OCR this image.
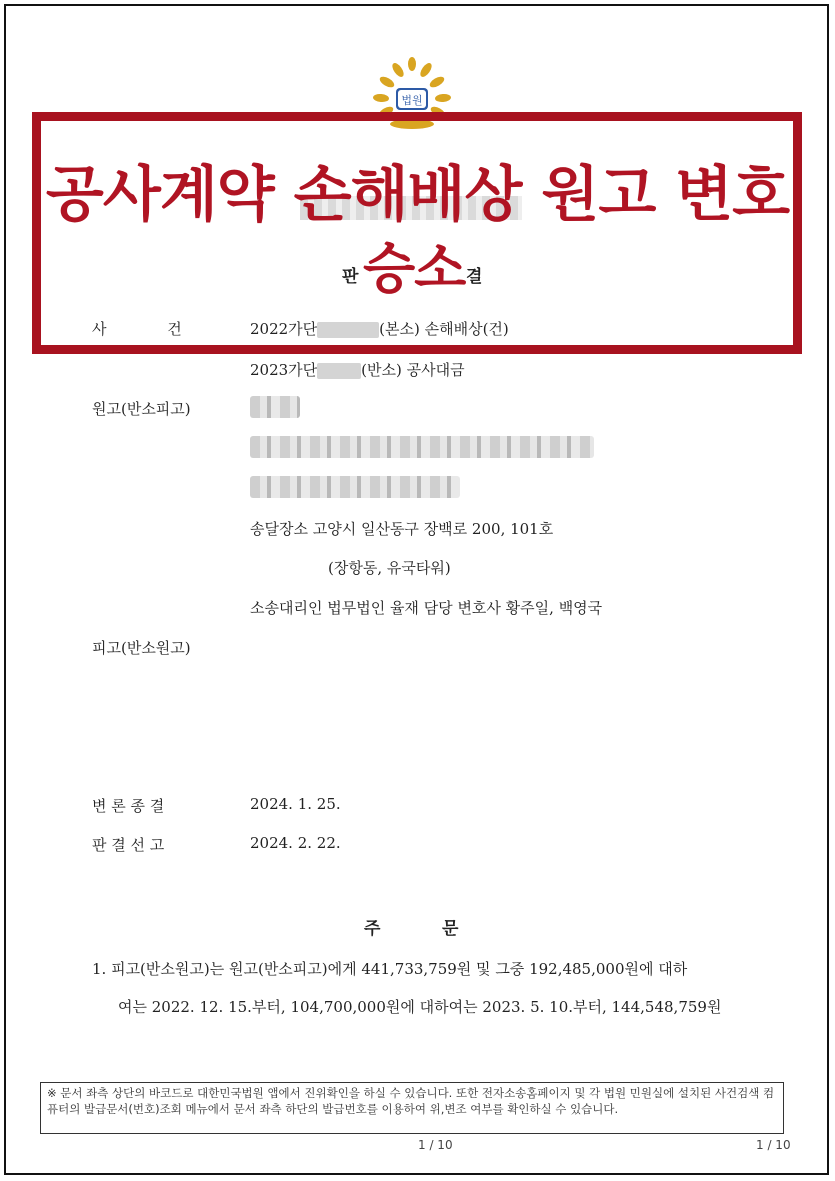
법원
공사계약 손해배상 원고 변호
판 승소 결
사 건	2022가단	(본소) 손해배상(건)
2023가단	(반소) 공사대금
원고(반소피고)
송달장소 고양시 일산동구 장백로 200, 101호
(장항동, 유국타워)
소송대리인 법무법인 율재 담당 변호사 황주일, 백영국
피고(반소원고)
변 론 종 결	2024. 1. 25.
판 결 선 고	2024. 2. 22.
주	문
1. 피고(반소원고)는 원고(반소피고)에게 441,733,759원 및 그중 192,485,000원에 대하
여는 2022. 12. 15.부터, 104,700,000원에 대하여는 2023. 5. 10.부터, 144,548,759원
※ 문서 좌측 상단의 바코드로 대한민국법원 앱에서 진위확인을 하실 수 있습니다. 또한 전자소송홈페이지 및 각 법원 민원실에 설치된 사건검색 컴퓨터의 발급문서(번호)조회 메뉴에서 문서 좌측 하단의 발급번호를 이용하여 위,변조 여부를 확인하실 수 있습니다.
1 / 10	1 / 10
